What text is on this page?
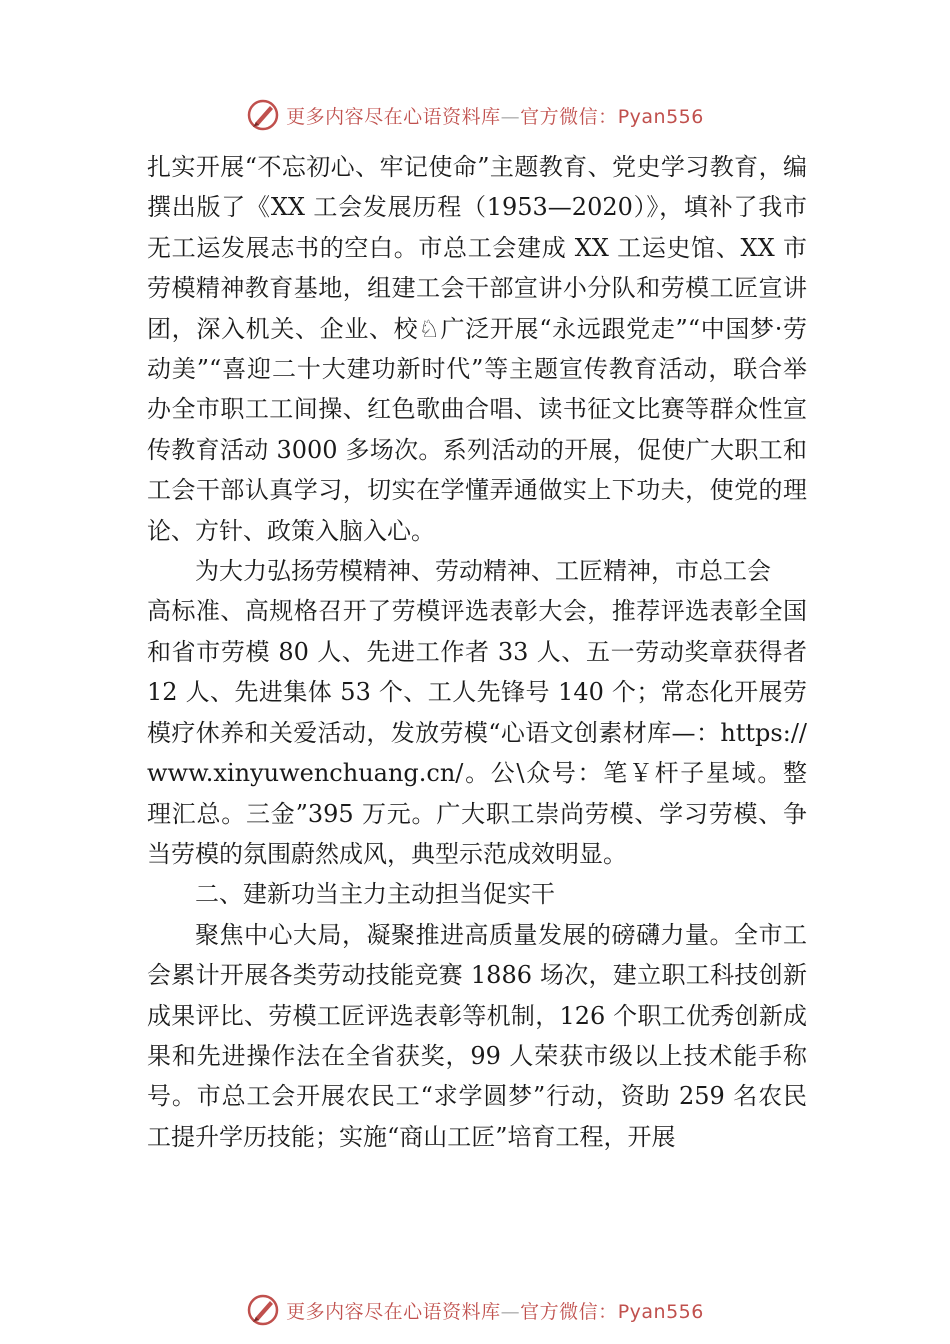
更多内容尽在心语资料库—官方微信：Pyan556

扎实开展“不忘初心、牢记使命”主题教育、党史学习教育，编撰出版了《XX 工会发展历程（1953—2020）》，填补了我市无工运发展志书的空白。市总工会建成 XX 工运史馆、XX 市劳模精神教育基地，组建工会干部宣讲小分队和劳模工匠宣讲团，深入机关、企业、校♘广泛开展“永远跟党走”“中国梦·劳动美”“喜迎二十大建功新时代”等主题宣传教育活动，联合举办全市职工工间操、红色歌曲合唱、读书征文比赛等群众性宣传教育活动 3000 多场次。系列活动的开展，促使广大职工和工会干部认真学习，切实在学懂弄通做实上下功夫，使党的理论、方针、政策入脑入心。

为大力弘扬劳模精神、劳动精神、工匠精神，市总工会

高标准、高规格召开了劳模评选表彰大会，推荐评选表彰全国和省市劳模 80 人、先进工作者 33 人、五一劳动奖章获得者 12 人、先进集体 53 个、工人先锋号 140 个；常态化开展劳模疗休养和关爱活动，发放劳模“心语文创素材库—：https://www.xinyuwenchuang.cn/。公\众号：笔￥杆子星域。整理汇总。三金”395 万元。广大职工崇尚劳模、学习劳模、争当劳模的氛围蔚然成风，典型示范成效明显。

二、建新功当主力主动担当促实干

聚焦中心大局，凝聚推进高质量发展的磅礴力量。全市工会累计开展各类劳动技能竞赛 1886 场次，建立职工科技创新成果评比、劳模工匠评选表彰等机制，126 个职工优秀创新成果和先进操作法在全省获奖，99 人荣获市级以上技术能手称号。市总工会开展农民工“求学圆梦”行动，资助 259 名农民工提升学历技能；实施“商山工匠”培育工程，开展

更多内容尽在心语资料库—官方微信：Pyan556
